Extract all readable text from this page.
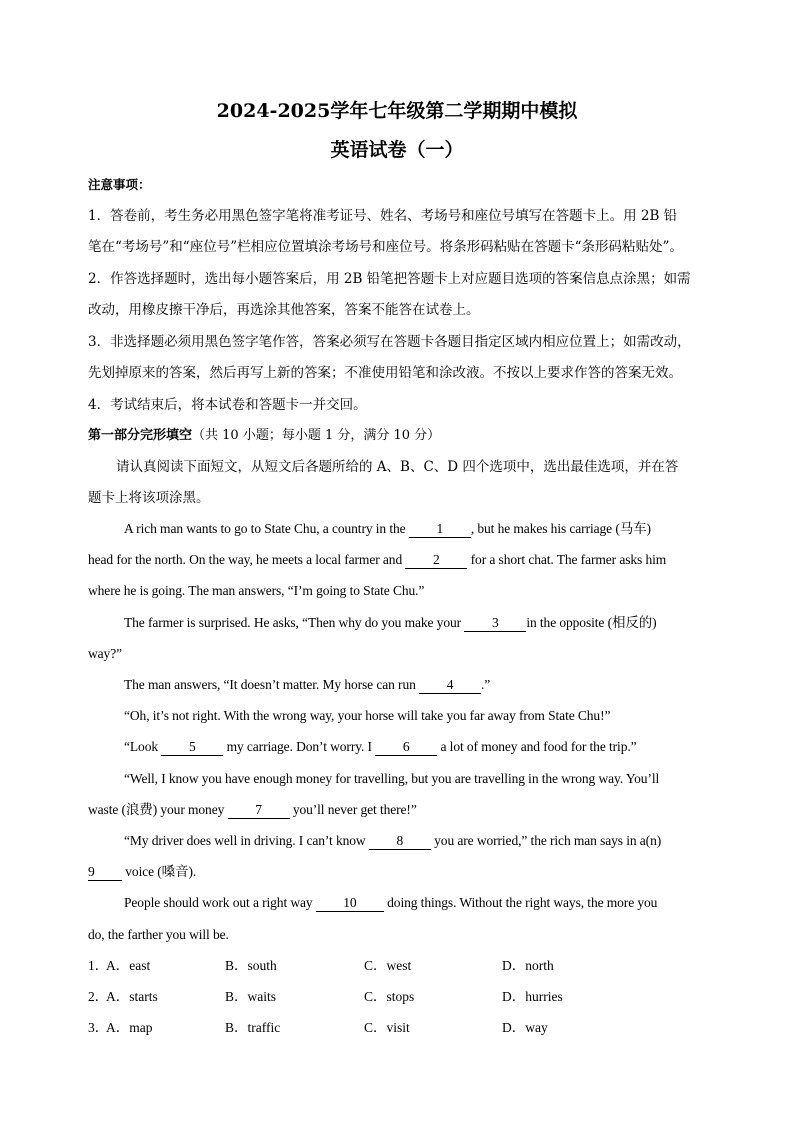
2024-2025学年七年级第二学期期中模拟
英语试卷（一）
注意事项：
1．答卷前，考生务必用黑色签字笔将准考证号、姓名、考场号和座位号填写在答题卡上。用 2B 铅
笔在“考场号”和“座位号”栏相应位置填涂考场号和座位号。将条形码粘贴在答题卡“条形码粘贴处”。
2．作答选择题时，选出每小题答案后，用 2B 铅笔把答题卡上对应题目选项的答案信息点涂黑；如需
改动，用橡皮擦干净后，再选涂其他答案，答案不能答在试卷上。
3．非选择题必须用黑色签字笔作答，答案必须写在答题卡各题目指定区域内相应位置上；如需改动，
先划掉原来的答案，然后再写上新的答案；不准使用铅笔和涂改液。不按以上要求作答的答案无效。
4．考试结束后，将本试卷和答题卡一并交回。
第一部分完形填空（共 10 小题；每小题 1 分，满分 10 分）
请认真阅读下面短文，从短文后各题所给的 A、B、C、D 四个选项中，选出最佳选项，并在答
题卡上将该项涂黑。
A rich man wants to go to State Chu, a country in the 1 , but he makes his carriage (马车)
head for the north. On the way, he meets a local farmer and 2 for a short chat. The farmer asks him
where he is going. The man answers, “I’m going to State Chu.”
The farmer is surprised. He asks, “Then why do you make your 3 in the opposite (相反的)
way?”
The man answers, “It doesn’t matter. My horse can run 4 .”
“Oh, it’s not right. With the wrong way, your horse will take you far away from State Chu!”
“Look 5 my carriage. Don’t worry. I 6 a lot of money and food for the trip.”
“Well, I know you have enough money for travelling, but you are travelling in the wrong way. You’ll
waste (浪费) your money 7 you’ll never get there!”
“My driver does well in driving. I can’t know 8 you are worried,” the rich man says in a(n)
9 voice (嗓音).
People should work out a right way 10 doing things. Without the right ways, the more you
do, the farther you will be.
1．
A．east	B．south	C．west	D．north
2．
A．starts	B．waits	C．stops	D．hurries
3．
A．map	B．traffic	C．visit	D．way
